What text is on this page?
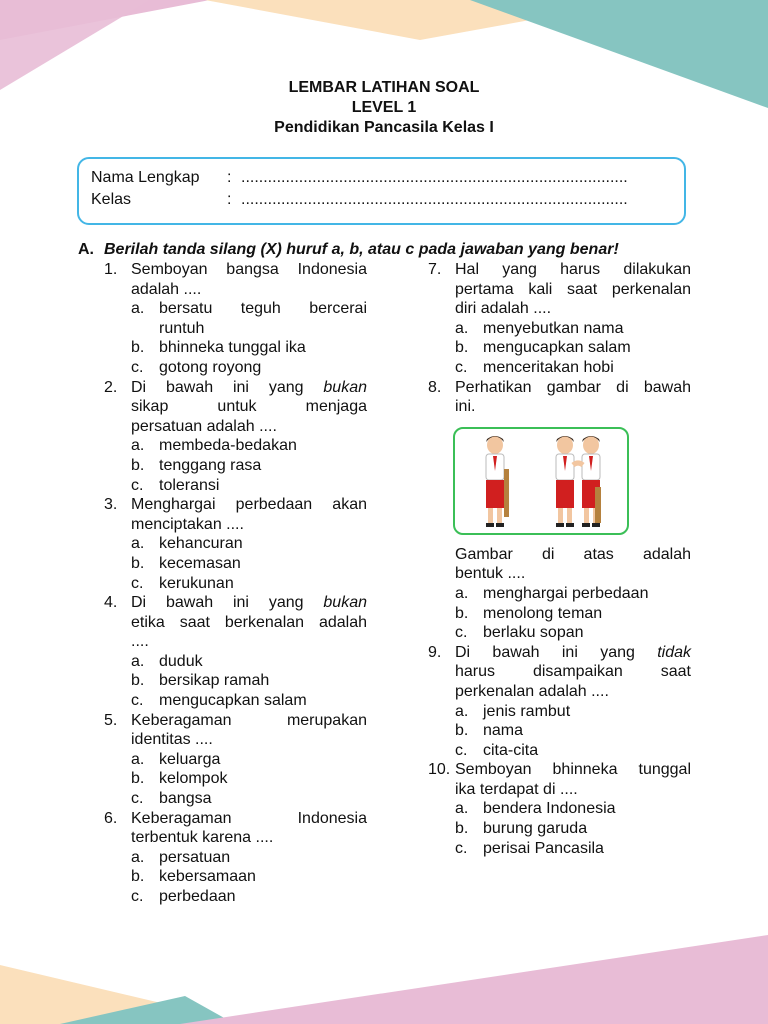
LEMBAR LATIHAN SOAL
LEVEL 1
Pendidikan Pancasila Kelas I
Nama Lengkap : .......................................................................................
Kelas	: .......................................................................................
A. Berilah tanda silang (X) huruf a, b, atau c pada jawaban yang benar!
1. Semboyan bangsa Indonesia
adalah ....
a. bersatu teguh bercerai
runtuh
b. bhinneka tunggal ika
c. gotong royong
2. Di bawah ini yang bukan
sikap untuk menjaga
persatuan adalah ....
a. membeda-bedakan
b. tenggang rasa
c. toleransi
3. Menghargai perbedaan akan
menciptakan ....
a. kehancuran
b. kecemasan
c. kerukunan
4. Di bawah ini yang bukan
etika saat berkenalan adalah
....
a. duduk
b. bersikap ramah
c. mengucapkan salam
5. Keberagaman merupakan
identitas ....
a. keluarga
b. kelompok
c. bangsa
6. Keberagaman Indonesia
terbentuk karena ....
a. persatuan
b. kebersamaan
c. perbedaan
7. Hal yang harus dilakukan
pertama kali saat perkenalan
diri adalah ....
a. menyebutkan nama
b. mengucapkan salam
c. menceritakan hobi
8. Perhatikan gambar di bawah
ini.
Gambar di atas adalah
bentuk ....
a. menghargai perbedaan
b. menolong teman
c. berlaku sopan
9. Di bawah ini yang tidak
harus disampaikan saat
perkenalan adalah ....
a. jenis rambut
b. nama
c. cita-cita
10. Semboyan bhinneka tunggal
ika terdapat di ....
a. bendera Indonesia
b. burung garuda
c. perisai Pancasila
